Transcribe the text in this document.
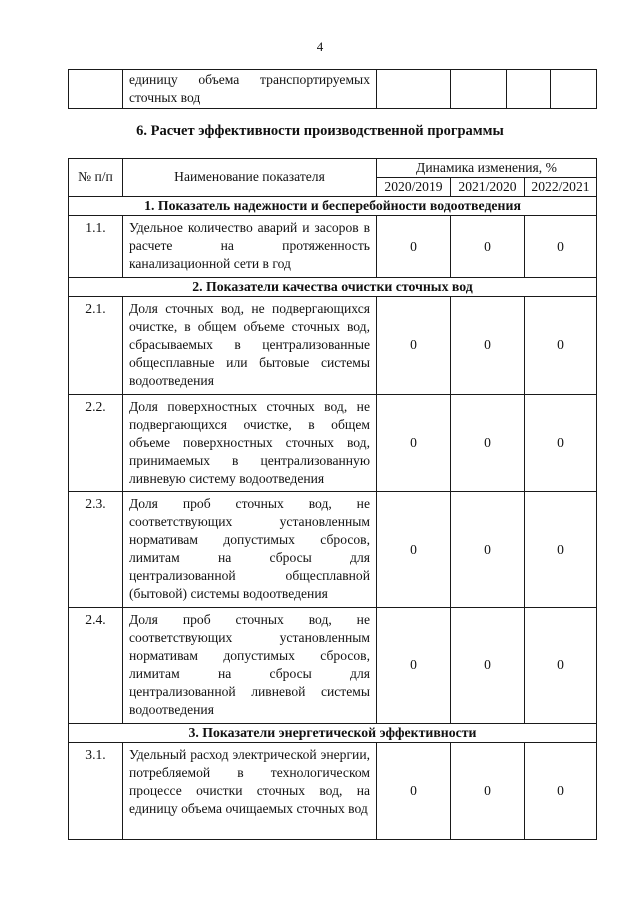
4
	единицу объема транспортируемых сточных вод				
6. Расчет эффективности производственной программы
№ п/п	Наименование показателя	Динамика изменения, %		
		2020/2019	2021/2020	2022/2021
1. Показатель надежности и бесперебойности водоотведения				
1.1.	Удельное количество аварий и засоров в расчете на протяженность канализационной сети в год	0	0	0
2. Показатели качества очистки сточных вод				
2.1.	Доля сточных вод, не подвергающихся очистке, в общем объеме сточных вод, сбрасываемых в централизованные общесплавные или бытовые системы водоотведения	0	0	0
2.2.	Доля поверхностных сточных вод, не подвергающихся очистке, в общем объеме поверхностных сточных вод, принимаемых в централизованную ливневую систему водоотведения	0	0	0
2.3.	Доля проб сточных вод, не соответствующих установленным нормативам допустимых сбросов, лимитам на сбросы для централизованной общесплавной (бытовой) системы водоотведения	0	0	0
2.4.	Доля проб сточных вод, не соответствующих установленным нормативам допустимых сбросов, лимитам на сбросы для централизованной ливневой системы водоотведения	0	0	0
3. Показатели энергетической эффективности				
3.1.	Удельный расход электрической энергии, потребляемой в технологическом процессе очистки сточных вод, на единицу объема очищаемых сточных вод	0	0	0
